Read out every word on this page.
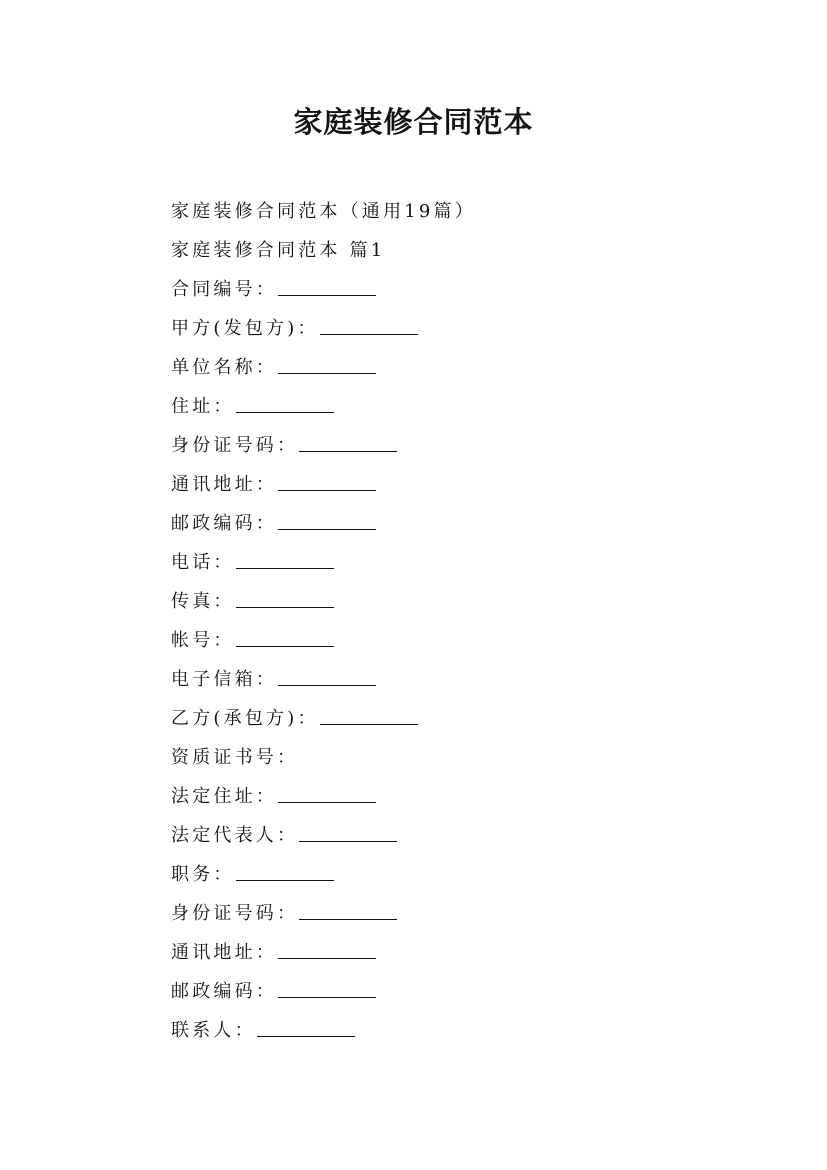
家庭装修合同范本
家庭装修合同范本（通用19篇）
家庭装修合同范本 篇1
合同编号：
甲方(发包方)：
单位名称：
住址：
身份证号码：
通讯地址：
邮政编码：
电话：
传真：
帐号：
电子信箱：
乙方(承包方)：
资质证书号：
法定住址：
法定代表人：
职务：
身份证号码：
通讯地址：
邮政编码：
联系人：
